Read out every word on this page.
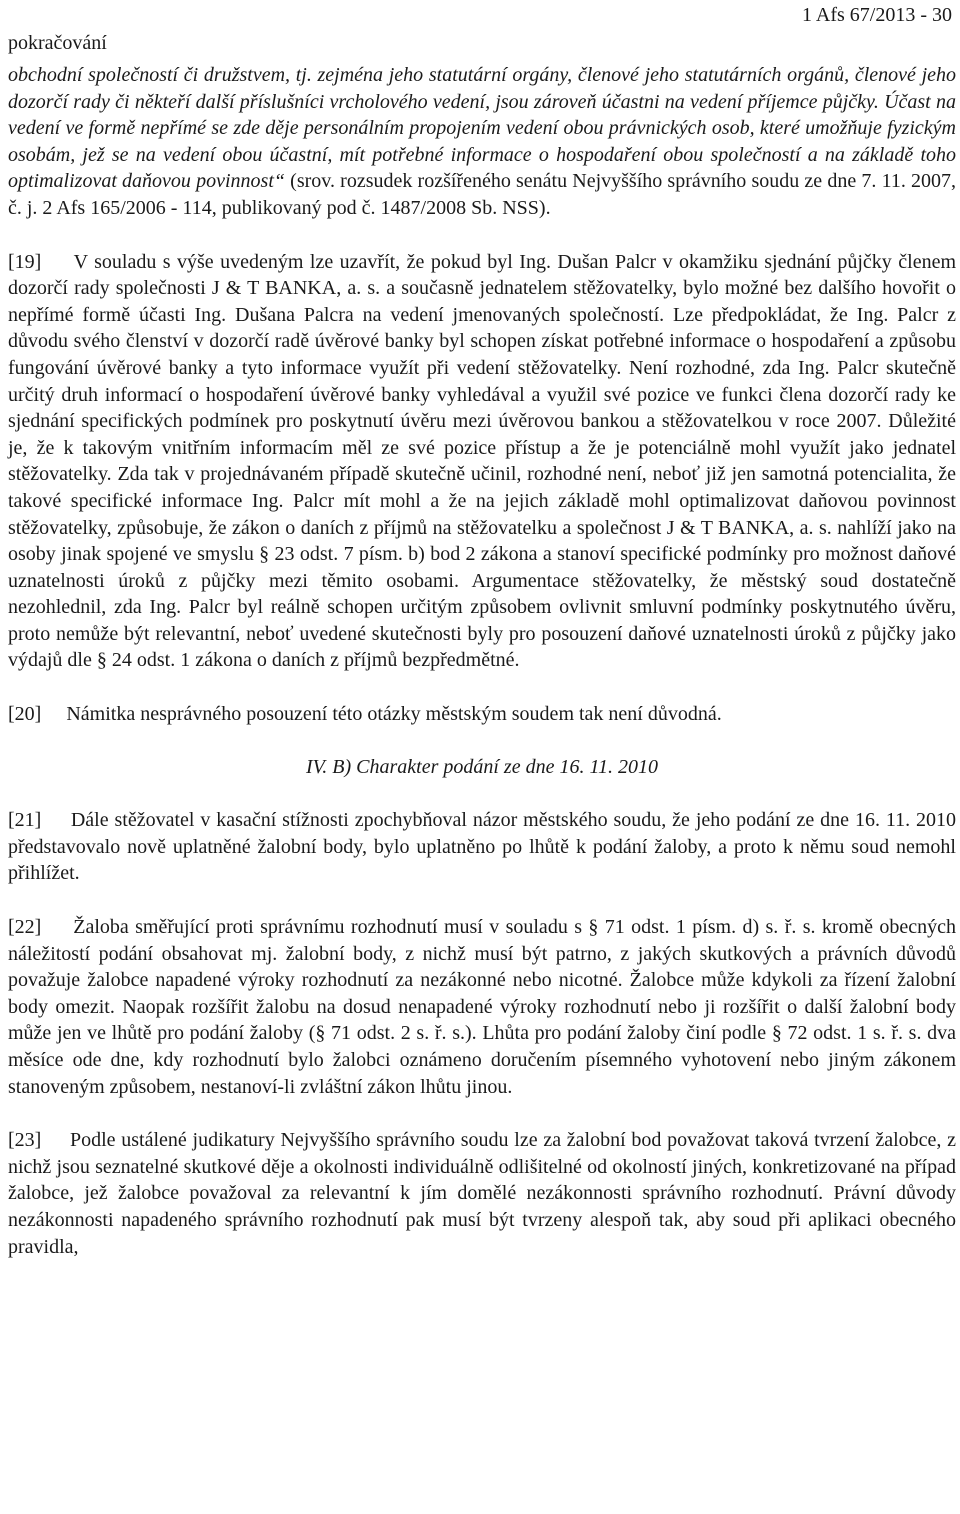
pokračování
1 Afs 67/2013 - 30

obchodní společností či družstvem, tj. zejména jeho statutární orgány, členové jeho statutárních orgánů, členové jeho dozorčí rady či někteří další příslušníci vrcholového vedení, jsou zároveň účastni na vedení příjemce půjčky. Účast na vedení ve formě nepřímé se zde děje personálním propojením vedení obou právnických osob, které umožňuje fyzickým osobám, jež se na vedení obou účastní, mít potřebné informace o hospodaření obou společností a na základě toho optimalizovat daňovou povinnost“ (srov. rozsudek rozšířeného senátu Nejvyššího správního soudu ze dne 7. 11. 2007, č. j. 2 Afs 165/2006 - 114, publikovaný pod č. 1487/2008 Sb. NSS).

[19] V souladu s výše uvedeným lze uzavřít, že pokud byl Ing. Dušan Palcr v okamžiku sjednání půjčky členem dozorčí rady společnosti J & T BANKA, a. s. a současně jednatelem stěžovatelky, bylo možné bez dalšího hovořit o nepřímé formě účasti Ing. Dušana Palcra na vedení jmenovaných společností. Lze předpokládat, že Ing. Palcr z důvodu svého členství v dozorčí radě úvěrové banky byl schopen získat potřebné informace o hospodaření a způsobu fungování úvěrové banky a tyto informace využít při vedení stěžovatelky. Není rozhodné, zda Ing. Palcr skutečně určitý druh informací o hospodaření úvěrové banky vyhledával a využil své pozice ve funkci člena dozorčí rady ke sjednání specifických podmínek pro poskytnutí úvěru mezi úvěrovou bankou a stěžovatelkou v roce 2007. Důležité je, že k takovým vnitřním informacím měl ze své pozice přístup a že je potenciálně mohl využít jako jednatel stěžovatelky. Zda tak v projednávaném případě skutečně učinil, rozhodné není, neboť již jen samotná potencialita, že takové specifické informace Ing. Palcr mít mohl a že na jejich základě mohl optimalizovat daňovou povinnost stěžovatelky, způsobuje, že zákon o daních z příjmů na stěžovatelku a společnost J & T BANKA, a. s. nahlíží jako na osoby jinak spojené ve smyslu § 23 odst. 7 písm. b) bod 2 zákona a stanoví specifické podmínky pro možnost daňové uznatelnosti úroků z půjčky mezi těmito osobami. Argumentace stěžovatelky, že městský soud dostatečně nezohlednil, zda Ing. Palcr byl reálně schopen určitým způsobem ovlivnit smluvní podmínky poskytnutého úvěru, proto nemůže být relevantní, neboť uvedené skutečnosti byly pro posouzení daňové uznatelnosti úroků z půjčky jako výdajů dle § 24 odst. 1 zákona o daních z příjmů bezpředmětné.

[20] Námitka nesprávného posouzení této otázky městským soudem tak není důvodná.

IV. B) Charakter podání ze dne 16. 11. 2010

[21] Dále stěžovatel v kasační stížnosti zpochybňoval názor městského soudu, že jeho podání ze dne 16. 11. 2010 představovalo nově uplatněné žalobní body, bylo uplatněno po lhůtě k podání žaloby, a proto k němu soud nemohl přihlížet.

[22] Žaloba směřující proti správnímu rozhodnutí musí v souladu s § 71 odst. 1 písm. d) s. ř. s. kromě obecných náležitostí podání obsahovat mj. žalobní body, z nichž musí být patrno, z jakých skutkových a právních důvodů považuje žalobce napadené výroky rozhodnutí za nezákonné nebo nicotné. Žalobce může kdykoli za řízení žalobní body omezit. Naopak rozšířit žalobu na dosud nenapadené výroky rozhodnutí nebo ji rozšířit o další žalobní body může jen ve lhůtě pro podání žaloby (§ 71 odst. 2 s. ř. s.). Lhůta pro podání žaloby činí podle § 72 odst. 1 s. ř. s. dva měsíce ode dne, kdy rozhodnutí bylo žalobci oznámeno doručením písemného vyhotovení nebo jiným zákonem stanoveným způsobem, nestanoví-li zvláštní zákon lhůtu jinou.

[23] Podle ustálené judikatury Nejvyššího správního soudu lze za žalobní bod považovat taková tvrzení žalobce, z nichž jsou seznatelné skutkové děje a okolnosti individuálně odlišitelné od okolností jiných, konkretizované na případ žalobce, jež žalobce považoval za relevantní k jím domělé nezákonnosti správního rozhodnutí. Právní důvody nezákonnosti napadeného správního rozhodnutí pak musí být tvrzeny alespoň tak, aby soud při aplikaci obecného pravidla,
